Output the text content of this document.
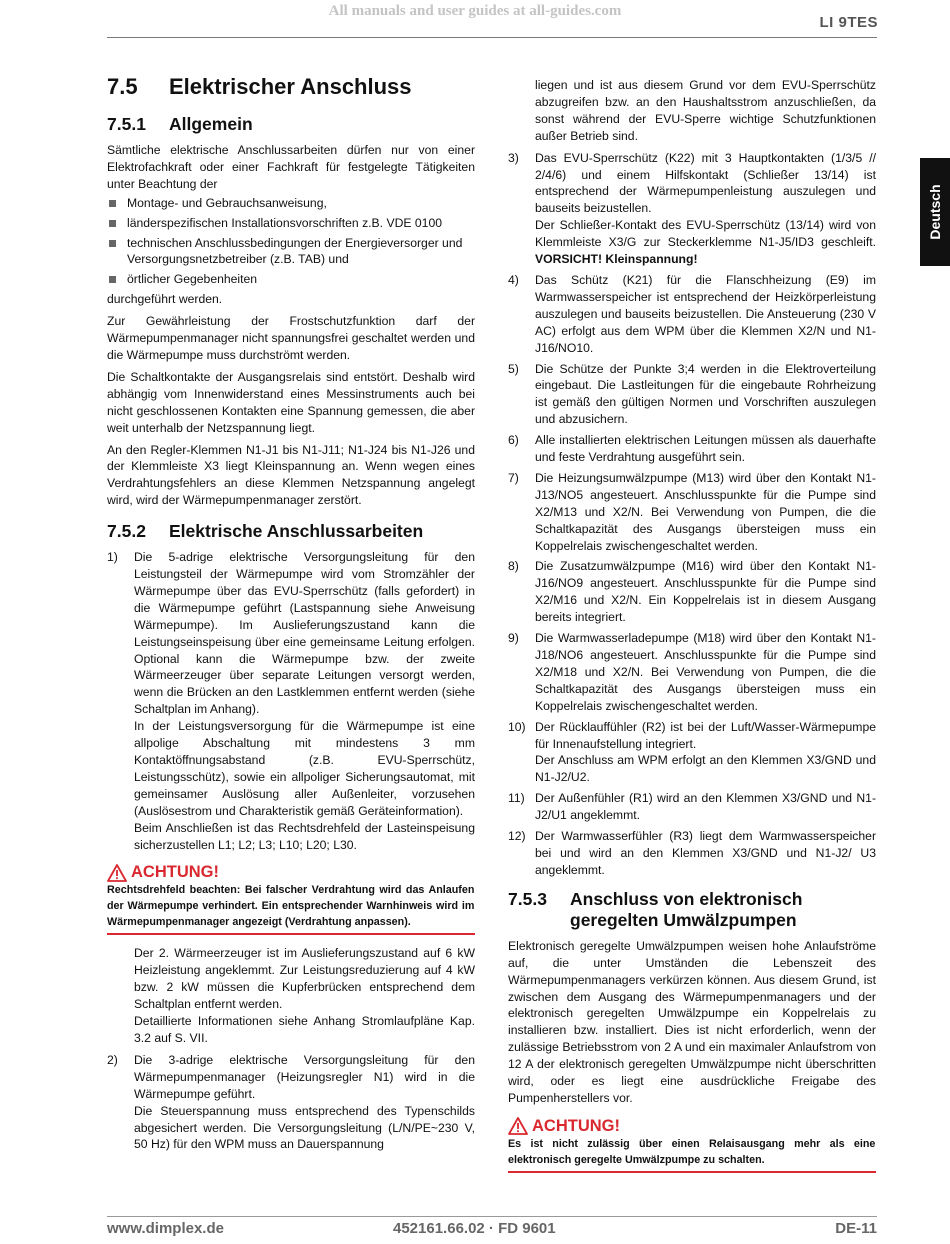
All manuals and user guides at all-guides.com
LI 9TES
Deutsch
7.5	Elektrischer Anschluss
7.5.1	Allgemein

Sämtliche elektrische Anschlussarbeiten dürfen nur von einer Elektrofachkraft oder einer Fachkraft für festgelegte Tätigkeiten unter Beachtung der

Montage- und Gebrauchsanweisung,
länderspezifischen Installationsvorschriften z.B. VDE 0100
technischen Anschlussbedingungen der Energieversorger und Versorgungsnetzbetreiber (z.B. TAB) und
örtlicher Gegebenheiten

durchgeführt werden.

Zur Gewährleistung der Frostschutzfunktion darf der Wärmepumpenmanager nicht spannungsfrei geschaltet werden und die Wärmepumpe muss durchströmt werden.

Die Schaltkontakte der Ausgangsrelais sind entstört. Deshalb wird abhängig vom Innenwiderstand eines Messinstruments auch bei nicht geschlossenen Kontakten eine Spannung gemessen, die aber weit unterhalb der Netzspannung liegt.

An den Regler-Klemmen N1-J1 bis N1-J11; N1-J24 bis N1-J26 und der Klemmleiste X3 liegt Kleinspannung an. Wenn wegen eines Verdrahtungsfehlers an diese Klemmen Netzspannung angelegt wird, wird der Wärmepumpenmanager zerstört.

7.5.2	Elektrische Anschlussarbeiten
1)	Die 5-adrige elektrische Versorgungsleitung für den Leistungsteil der Wärmepumpe wird vom Stromzähler der Wärmepumpe über das EVU-Sperrschütz (falls gefordert) in die Wärmepumpe geführt (Lastspannung siehe Anweisung Wärmepumpe). Im Auslieferungszustand kann die Leistungseinspeisung über eine gemeinsame Leitung erfolgen. Optional kann die Wärmepumpe bzw. der zweite Wärmeerzeuger über separate Leitungen versorgt werden, wenn die Brücken an den Lastklemmen entfernt werden (siehe Schaltplan im Anhang).

In der Leistungsversorgung für die Wärmepumpe ist eine allpolige Abschaltung mit mindestens 3 mm Kontaktöffnungsabstand (z.B. EVU-Sperrschütz, Leistungsschütz), sowie ein allpoliger Sicherungsautomat, mit gemeinsamer Auslösung aller Außenleiter, vorzusehen (Auslösestrom und Charakteristik gemäß Geräteinformation).

Beim Anschließen ist das Rechtsdrehfeld der Lasteinspeisung sicherzustellen L1; L2; L3; L10; L20; L30.

ACHTUNG!
Rechtsdrehfeld beachten: Bei falscher Verdrahtung wird das Anlaufen der Wärmepumpe verhindert. Ein entsprechender Warnhinweis wird im Wärmepumpenmanager angezeigt (Verdrahtung anpassen).

Der 2. Wärmeerzeuger ist im Auslieferungszustand auf 6 kW Heizleistung angeklemmt. Zur Leistungsreduzierung auf 4 kW bzw. 2 kW müssen die Kupferbrücken entsprechend dem Schaltplan entfernt werden.

Detaillierte Informationen siehe Anhang Stromlaufpläne Kap. 3.2 auf S. VII.

2)	Die 3-adrige elektrische Versorgungsleitung für den Wärmepumpenmanager (Heizungsregler N1) wird in die Wärmepumpe geführt.

Die Steuerspannung muss entsprechend des Typenschilds abgesichert werden. Die Versorgungsleitung (L/N/PE~230 V, 50 Hz) für den WPM muss an Dauerspannung

liegen und ist aus diesem Grund vor dem EVU-Sperrschütz abzugreifen bzw. an den Haushaltsstrom anzuschließen, da sonst während der EVU-Sperre wichtige Schutzfunktionen außer Betrieb sind.

3)	Das EVU-Sperrschütz (K22) mit 3 Hauptkontakten (1/3/5 // 2/4/6) und einem Hilfskontakt (Schließer 13/14) ist entsprechend der Wärmepumpenleistung auszulegen und bauseits beizustellen.

Der Schließer-Kontakt des EVU-Sperrschütz (13/14) wird von Klemmleiste X3/G zur Steckerklemme N1-J5/ID3 geschleift. VORSICHT! Kleinspannung!

4)	Das Schütz (K21) für die Flanschheizung (E9) im Warmwasserspeicher ist entsprechend der Heizkörperleistung auszulegen und bauseits beizustellen. Die Ansteuerung (230 V AC) erfolgt aus dem WPM über die Klemmen X2/N und N1-J16/NO10.

5)	Die Schütze der Punkte 3;4 werden in die Elektroverteilung eingebaut. Die Lastleitungen für die eingebaute Rohrheizung ist gemäß den gültigen Normen und Vorschriften auszulegen und abzusichern.

6)	Alle installierten elektrischen Leitungen müssen als dauerhafte und feste Verdrahtung ausgeführt sein.

7)	Die Heizungsumwälzpumpe (M13) wird über den Kontakt N1-J13/NO5 angesteuert. Anschlusspunkte für die Pumpe sind X2/M13 und X2/N. Bei Verwendung von Pumpen, die die Schaltkapazität des Ausgangs übersteigen muss ein Koppelrelais zwischengeschaltet werden.

8)	Die Zusatzumwälzpumpe (M16) wird über den Kontakt N1-J16/NO9 angesteuert. Anschlusspunkte für die Pumpe sind X2/M16 und X2/N. Ein Koppelrelais ist in diesem Ausgang bereits integriert.

9)	Die Warmwasserladepumpe (M18) wird über den Kontakt N1-J18/NO6 angesteuert. Anschlusspunkte für die Pumpe sind X2/M18 und X2/N. Bei Verwendung von Pumpen, die die Schaltkapazität des Ausgangs übersteigen muss ein Koppelrelais zwischengeschaltet werden.

10) Der Rücklauffühler (R2) ist bei der Luft/Wasser-Wärmepumpe für Innenaufstellung integriert.

Der Anschluss am WPM erfolgt an den Klemmen X3/GND und N1-J2/U2.

11) Der Außenfühler (R1) wird an den Klemmen X3/GND und N1-J2/U1 angeklemmt.

12) Der Warmwasserfühler (R3) liegt dem Warmwasserspeicher bei und wird an den Klemmen X3/GND und N1-J2/ U3 angeklemmt.

7.5.3	Anschluss von elektronisch
geregelten Umwälzpumpen

Elektronisch geregelte Umwälzpumpen weisen hohe Anlaufströme auf, die unter Umständen die Lebenszeit des Wärmepumpenmanagers verkürzen können. Aus diesem Grund, ist zwischen dem Ausgang des Wärmepumpenmanagers und der elektronisch geregelten Umwälzpumpe ein Koppelrelais zu installieren bzw. installiert. Dies ist nicht erforderlich, wenn der zulässige Betriebsstrom von 2 A und ein maximaler Anlaufstrom von 12 A der elektronisch geregelten Umwälzpumpe nicht überschritten wird, oder es liegt eine ausdrückliche Freigabe des Pumpenherstellers vor.

ACHTUNG!
Es ist nicht zulässig über einen Relaisausgang mehr als eine elektronisch geregelte Umwälzpumpe zu schalten.
www.dimplex.de	452161.66.02 · FD 9601	DE-11
